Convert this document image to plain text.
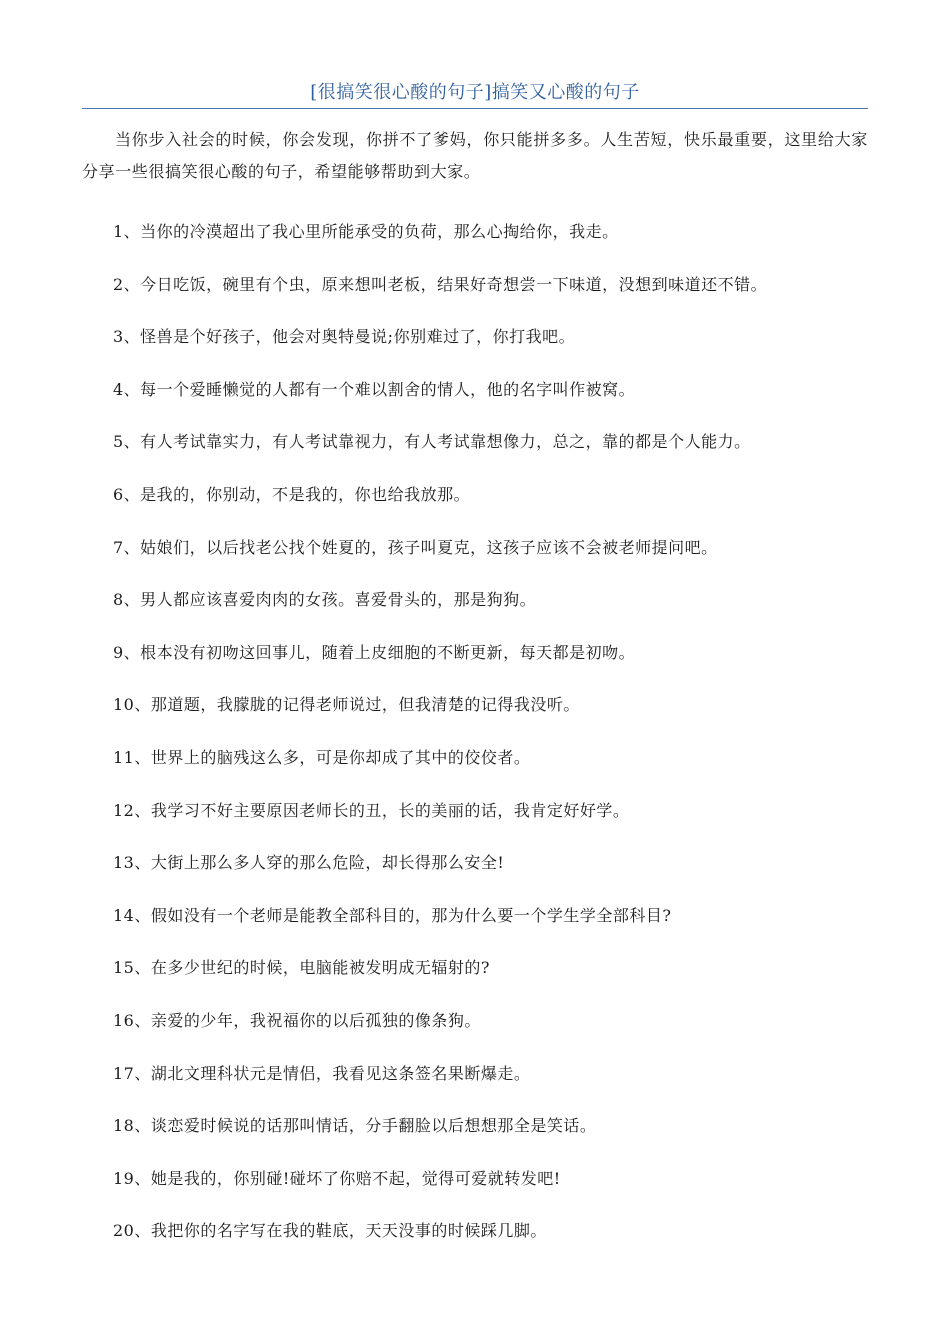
[很搞笑很心酸的句子]搞笑又心酸的句子

当你步入社会的时候，你会发现，你拼不了爹妈，你只能拼多多。人生苦短，快乐最重要，这里给大家分享一些很搞笑很心酸的句子，希望能够帮助到大家。

1、当你的冷漠超出了我心里所能承受的负荷，那么心掏给你，我走。
2、今日吃饭，碗里有个虫，原来想叫老板，结果好奇想尝一下味道，没想到味道还不错。
3、怪兽是个好孩子，他会对奥特曼说;你别难过了，你打我吧。
4、每一个爱睡懒觉的人都有一个难以割舍的情人，他的名字叫作被窝。
5、有人考试靠实力，有人考试靠视力，有人考试靠想像力，总之，靠的都是个人能力。
6、是我的，你别动，不是我的，你也给我放那。
7、姑娘们，以后找老公找个姓夏的，孩子叫夏克，这孩子应该不会被老师提问吧。
8、男人都应该喜爱肉肉的女孩。喜爱骨头的，那是狗狗。
9、根本没有初吻这回事儿，随着上皮细胞的不断更新，每天都是初吻。
10、那道题，我朦胧的记得老师说过，但我清楚的记得我没听。
11、世界上的脑残这么多，可是你却成了其中的佼佼者。
12、我学习不好主要原因老师长的丑，长的美丽的话，我肯定好好学。
13、大街上那么多人穿的那么危险，却长得那么安全!
14、假如没有一个老师是能教全部科目的，那为什么要一个学生学全部科目?
15、在多少世纪的时候，电脑能被发明成无辐射的?
16、亲爱的少年，我祝福你的以后孤独的像条狗。
17、湖北文理科状元是情侣，我看见这条签名果断爆走。
18、谈恋爱时候说的话那叫情话，分手翻脸以后想想那全是笑话。
19、她是我的，你别碰!碰坏了你赔不起，觉得可爱就转发吧!
20、我把你的名字写在我的鞋底，天天没事的时候踩几脚。
